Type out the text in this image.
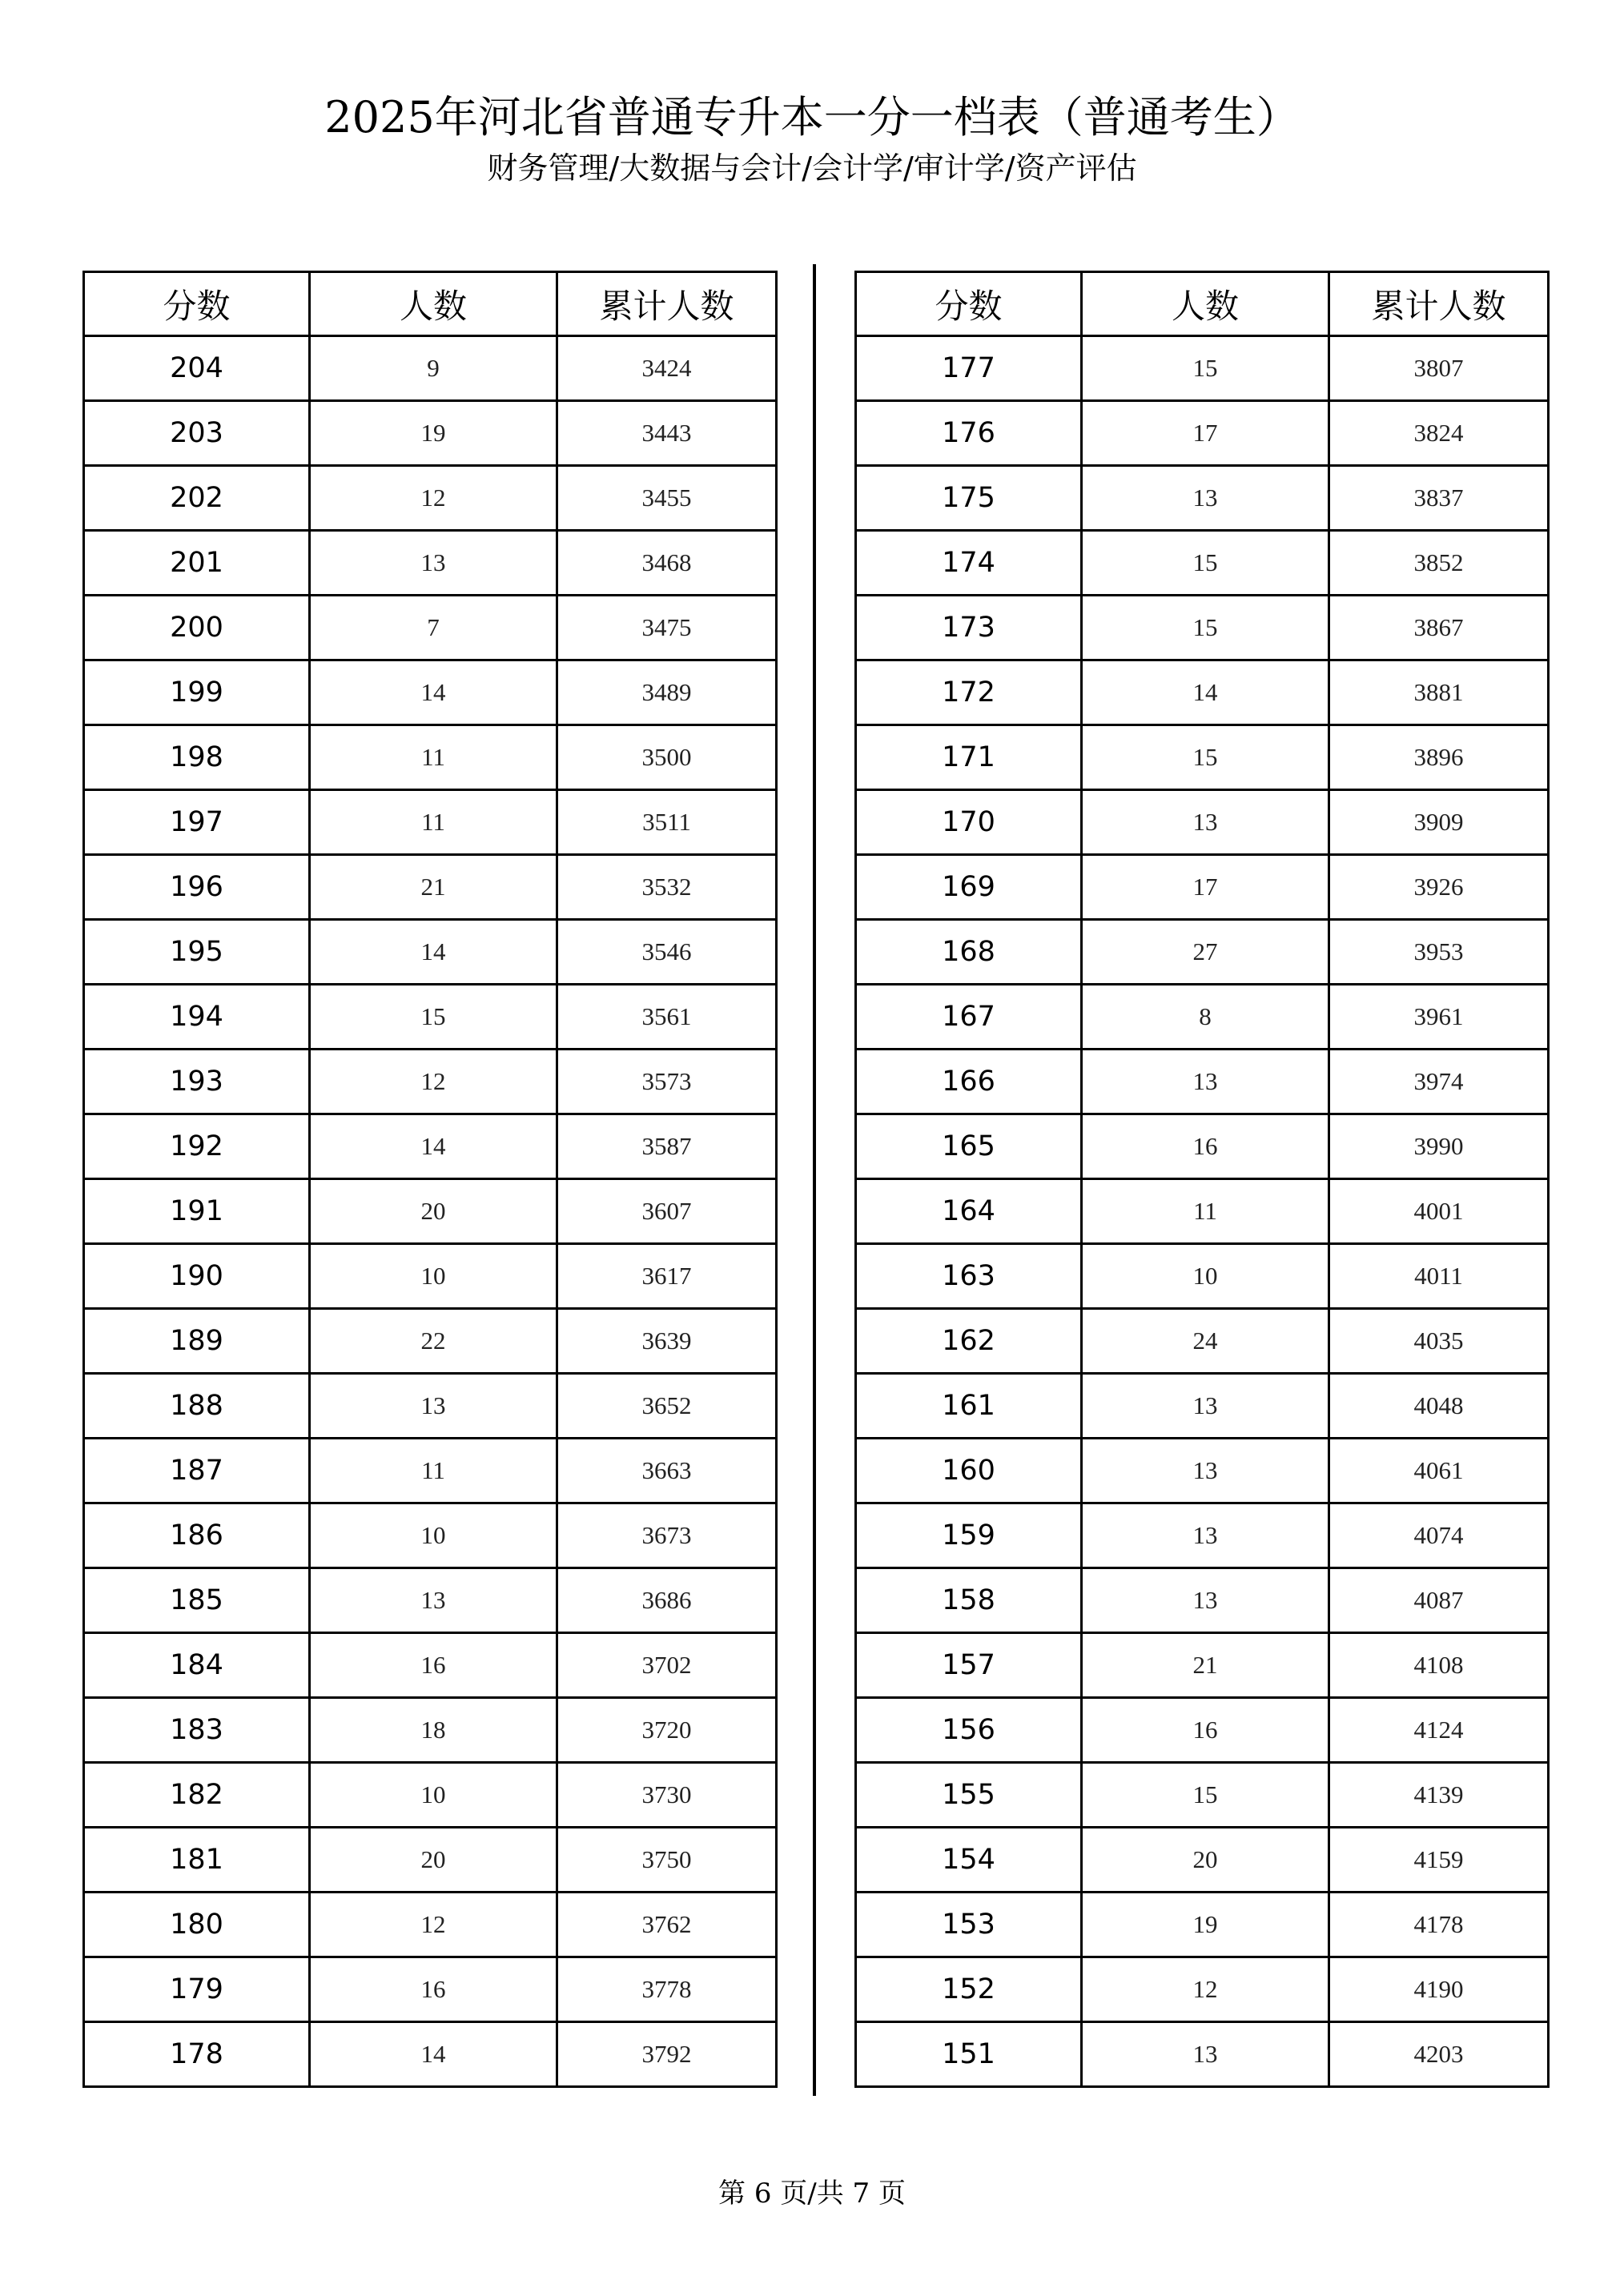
2025年河北省普通专升本一分一档表（普通考生）
财务管理/大数据与会计/会计学/审计学/资产评估
分数	人数	累计人数
204	9	3424
203	19	3443
202	12	3455
201	13	3468
200	7	3475
199	14	3489
198	11	3500
197	11	3511
196	21	3532
195	14	3546
194	15	3561
193	12	3573
192	14	3587
191	20	3607
190	10	3617
189	22	3639
188	13	3652
187	11	3663
186	10	3673
185	13	3686
184	16	3702
183	18	3720
182	10	3730
181	20	3750
180	12	3762
179	16	3778
178	14	3792
分数	人数	累计人数
177	15	3807
176	17	3824
175	13	3837
174	15	3852
173	15	3867
172	14	3881
171	15	3896
170	13	3909
169	17	3926
168	27	3953
167	8	3961
166	13	3974
165	16	3990
164	11	4001
163	10	4011
162	24	4035
161	13	4048
160	13	4061
159	13	4074
158	13	4087
157	21	4108
156	16	4124
155	15	4139
154	20	4159
153	19	4178
152	12	4190
151	13	4203
第 6 页/共 7 页
